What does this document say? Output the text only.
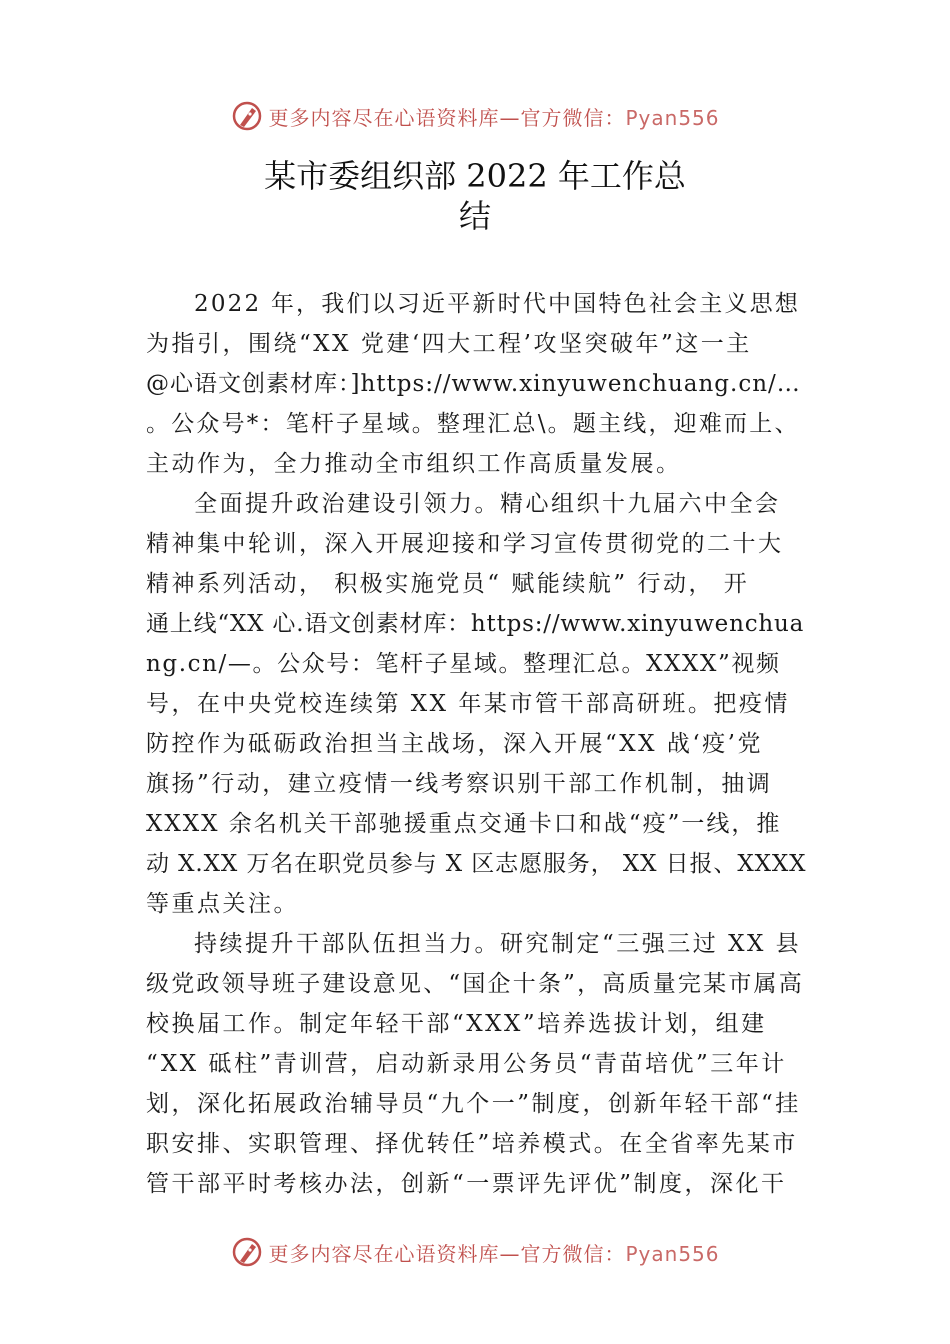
更多内容尽在心语资料库—官方微信：Pyan556
某市委组织部 2022 年工作总
结
2022 年，我们以习近平新时代中国特色社会主义思想
为指引，围绕“XX 党建‘四大工程’攻坚突破年”这一主
@心语文创素材库：]https://www.xinyuwenchuang.cn/…
。公众号*：笔杆子星域。整理汇总\。题主线，迎难而上、
主动作为，全力推动全市组织工作高质量发展。
全面提升政治建设引领力。精心组织十九届六中全会
精神集中轮训，深入开展迎接和学习宣传贯彻党的二十大
精神系列活动， 积极实施党员“ 赋能续航” 行动， 开
通上线“XX 心.语文创素材库：https://www.xinyuwenchua
ng.cn/—。公众号：笔杆子星域。整理汇总。XXXX”视频
号，在中央党校连续第 XX 年某市管干部高研班。把疫情
防控作为砥砺政治担当主战场，深入开展“XX 战‘疫’党
旗扬”行动，建立疫情一线考察识别干部工作机制，抽调
XXXX 余名机关干部驰援重点交通卡口和战“疫”一线，推
动 X.XX 万名在职党员参与 X 区志愿服务， XX 日报、XXXX
等重点关注。
持续提升干部队伍担当力。研究制定“三强三过 XX 县
级党政领导班子建设意见、“国企十条”，高质量完某市属高
校换届工作。制定年轻干部“XXX”培养选拔计划，组建
“XX 砥柱”青训营，启动新录用公务员“青苗培优”三年计
划，深化拓展政治辅导员“九个一”制度，创新年轻干部“挂
职安排、实职管理、择优转任”培养模式。在全省率先某市
管干部平时考核办法，创新“一票评先评优”制度，深化干
更多内容尽在心语资料库—官方微信：Pyan556
